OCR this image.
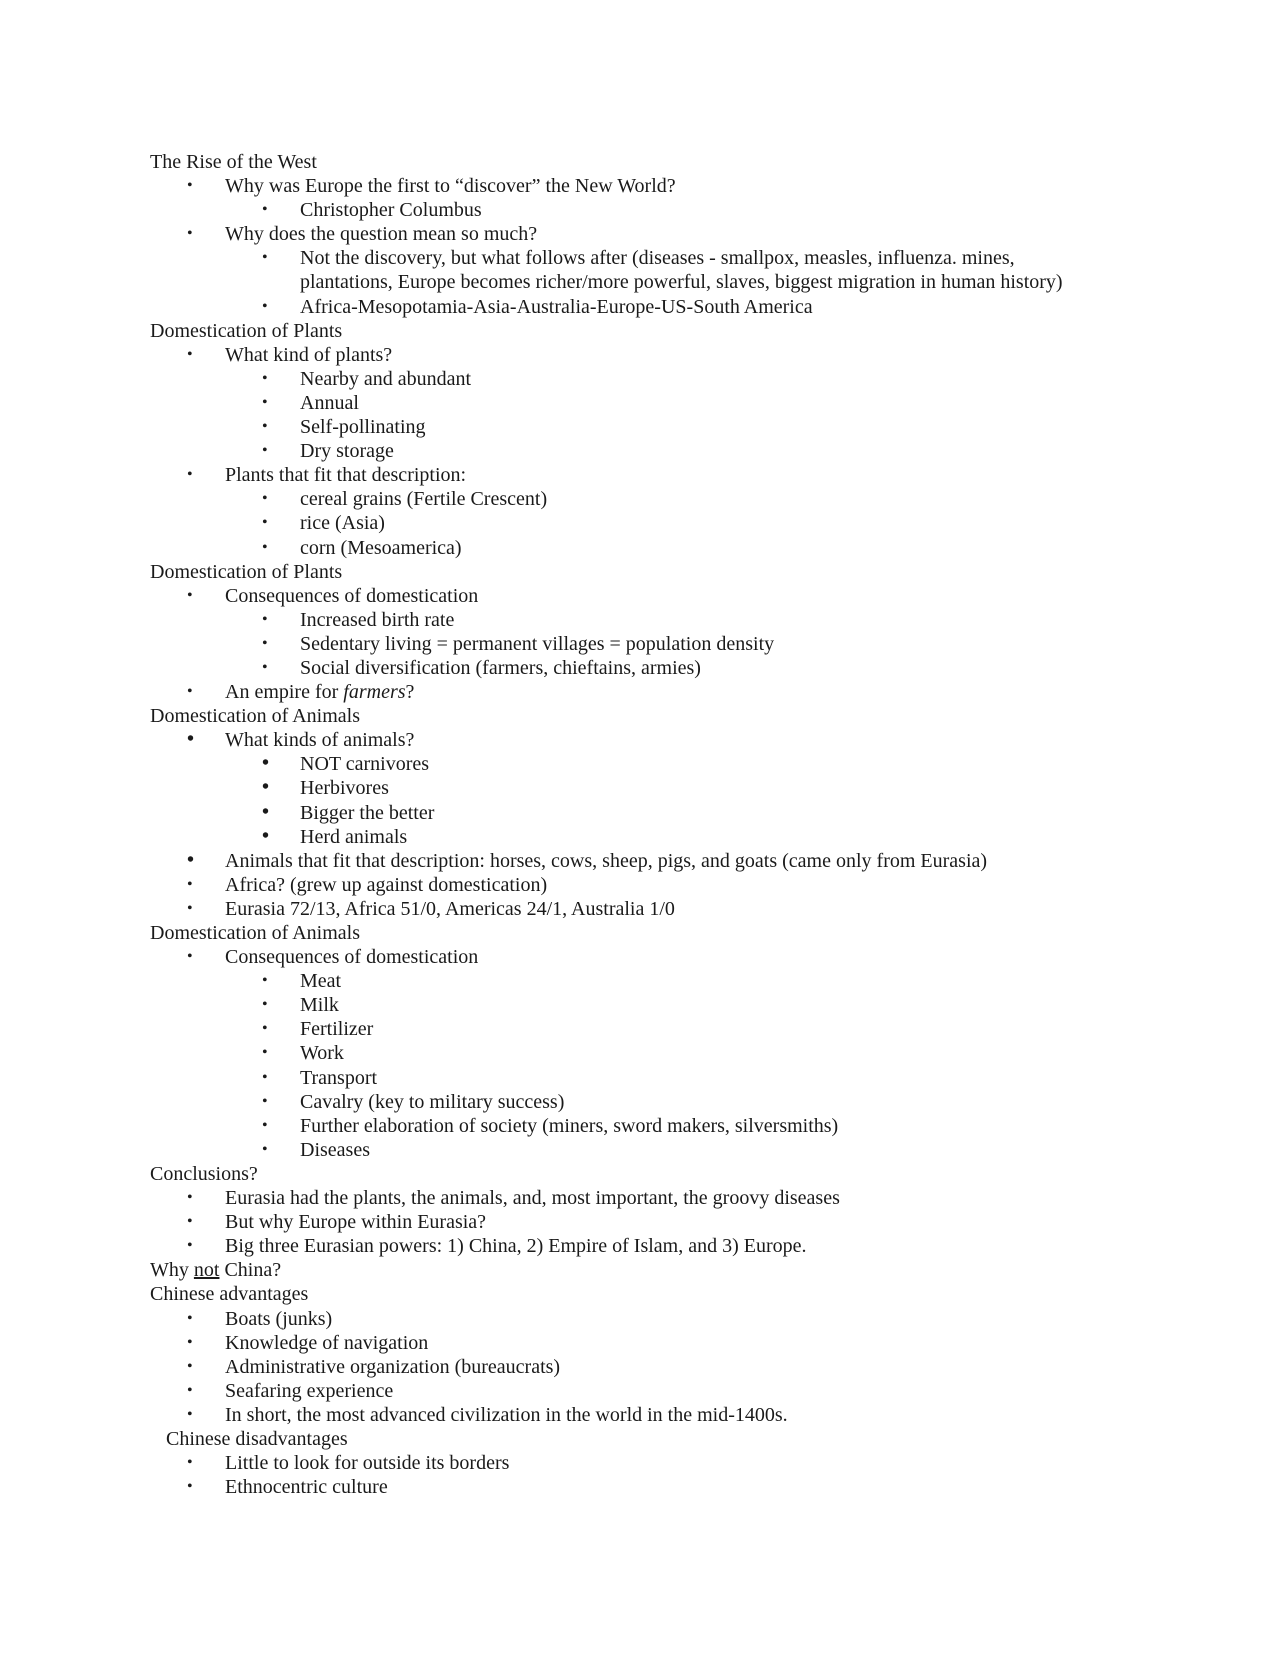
The Rise of the West
• Why was Europe the first to “discover” the New World?
• Christopher Columbus
• Why does the question mean so much?
• Not the discovery, but what follows after (diseases - smallpox, measles, influenza. mines,
plantations, Europe becomes richer/more powerful, slaves, biggest migration in human history)
• Africa-Mesopotamia-Asia-Australia-Europe-US-South America
Domestication of Plants
• What kind of plants?
• Nearby and abundant
• Annual
• Self-pollinating
• Dry storage
• Plants that fit that description:
• cereal grains (Fertile Crescent)
• rice (Asia)
• corn (Mesoamerica)
Domestication of Plants
• Consequences of domestication
• Increased birth rate
• Sedentary living = permanent villages = population density
• Social diversification (farmers, chieftains, armies)
• An empire for farmers?
Domestication of Animals
• What kinds of animals?
• NOT carnivores
• Herbivores
• Bigger the better
• Herd animals
• Animals that fit that description: horses, cows, sheep, pigs, and goats (came only from Eurasia)
• Africa? (grew up against domestication)
• Eurasia 72/13, Africa 51/0, Americas 24/1, Australia 1/0
Domestication of Animals
• Consequences of domestication
• Meat
• Milk
• Fertilizer
• Work
• Transport
• Cavalry (key to military success)
• Further elaboration of society (miners, sword makers, silversmiths)
• Diseases
Conclusions?
• Eurasia had the plants, the animals, and, most important, the groovy diseases
• But why Europe within Eurasia?
• Big three Eurasian powers: 1) China, 2) Empire of Islam, and 3) Europe.
Why not China?
Chinese advantages
• Boats (junks)
• Knowledge of navigation
• Administrative organization (bureaucrats)
• Seafaring experience
• In short, the most advanced civilization in the world in the mid-1400s.
Chinese disadvantages
• Little to look for outside its borders
• Ethnocentric culture
